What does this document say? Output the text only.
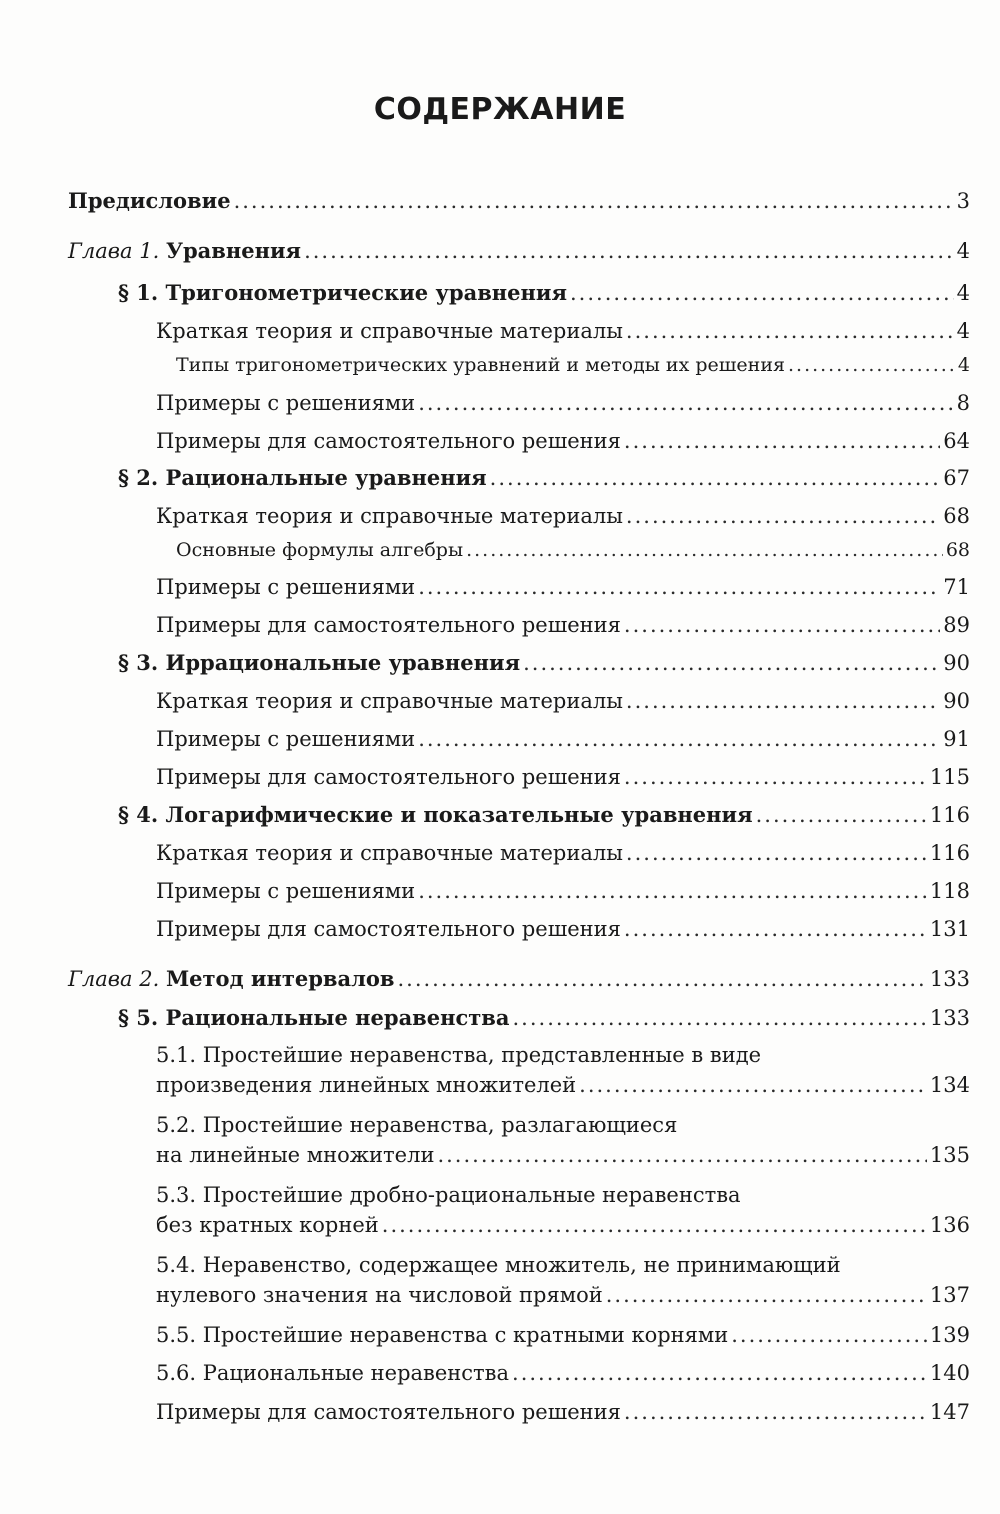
СОДЕРЖАНИЕ
Предисловие .....	3
Глава 1. Уравнения .....	4
§ 1. Тригонометрические уравнения .....	4
Краткая теория и справочные материалы .....	4
Типы тригонометрических уравнений и методы их решения .....	4
Примеры с решениями .....	8
Примеры для самостоятельного решения .....	64
§ 2. Рациональные уравнения .....	67
Краткая теория и справочные материалы .....	68
Основные формулы алгебры .....	68
Примеры с решениями .....	71
Примеры для самостоятельного решения .....	89
§ 3. Иррациональные уравнения .....	90
Краткая теория и справочные материалы .....	90
Примеры с решениями .....	91
Примеры для самостоятельного решения .....	115
§ 4. Логарифмические и показательные уравнения .....	116
Краткая теория и справочные материалы .....	116
Примеры с решениями .....	118
Примеры для самостоятельного решения .....	131
Глава 2. Метод интервалов .....	133
§ 5. Рациональные неравенства .....	133
5.1. Простейшие неравенства, представленные в виде
произведения линейных множителей .....	134
5.2. Простейшие неравенства, разлагающиеся
на линейные множители .....	135
5.3. Простейшие дробно-рациональные неравенства
без кратных корней .....	136
5.4. Неравенство, содержащее множитель, не принимающий
нулевого значения на числовой прямой .....	137
5.5. Простейшие неравенства с кратными корнями .....	139
5.6. Рациональные неравенства .....	140
Примеры для самостоятельного решения .....	147
